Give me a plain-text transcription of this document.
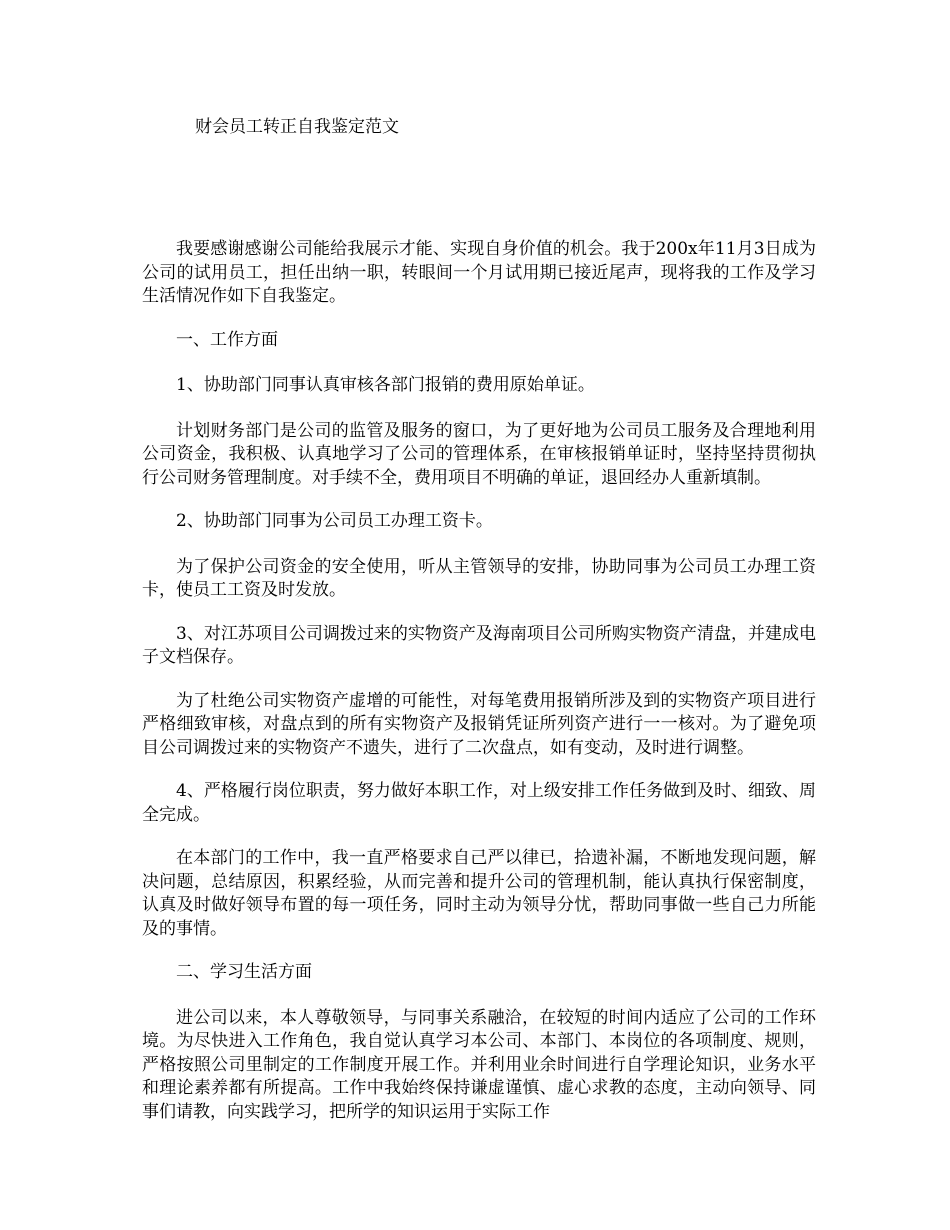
财会员工转正自我鉴定范文

我要感谢感谢公司能给我展示才能、实现自身价值的机会。我于200x年11月3日成为公司的试用员工，担任出纳一职，转眼间一个月试用期已接近尾声，现将我的工作及学习生活情况作如下自我鉴定。

一、工作方面

1、协助部门同事认真审核各部门报销的费用原始单证。

计划财务部门是公司的监管及服务的窗口，为了更好地为公司员工服务及合理地利用公司资金，我积极、认真地学习了公司的管理体系，在审核报销单证时，坚持坚持贯彻执行公司财务管理制度。对手续不全，费用项目不明确的单证，退回经办人重新填制。

2、协助部门同事为公司员工办理工资卡。

为了保护公司资金的安全使用，听从主管领导的安排，协助同事为公司员工办理工资卡，使员工工资及时发放。

3、对江苏项目公司调拨过来的实物资产及海南项目公司所购实物资产清盘，并建成电子文档保存。

为了杜绝公司实物资产虚增的可能性，对每笔费用报销所涉及到的实物资产项目进行严格细致审核，对盘点到的所有实物资产及报销凭证所列资产进行一一核对。为了避免项目公司调拨过来的实物资产不遗失，进行了二次盘点，如有变动，及时进行调整。

4、严格履行岗位职责，努力做好本职工作，对上级安排工作任务做到及时、细致、周全完成。

在本部门的工作中，我一直严格要求自己严以律已，拾遗补漏，不断地发现问题，解决问题，总结原因，积累经验，从而完善和提升公司的管理机制，能认真执行保密制度，认真及时做好领导布置的每一项任务，同时主动为领导分忧，帮助同事做一些自己力所能及的事情。

二、学习生活方面

进公司以来，本人尊敬领导，与同事关系融洽，在较短的时间内适应了公司的工作环境。为尽快进入工作角色，我自觉认真学习本公司、本部门、本岗位的各项制度、规则，严格按照公司里制定的工作制度开展工作。并利用业余时间进行自学理论知识，业务水平和理论素养都有所提高。工作中我始终保持谦虚谨慎、虚心求教的态度，主动向领导、同事们请教，向实践学习，把所学的知识运用于实际工作
